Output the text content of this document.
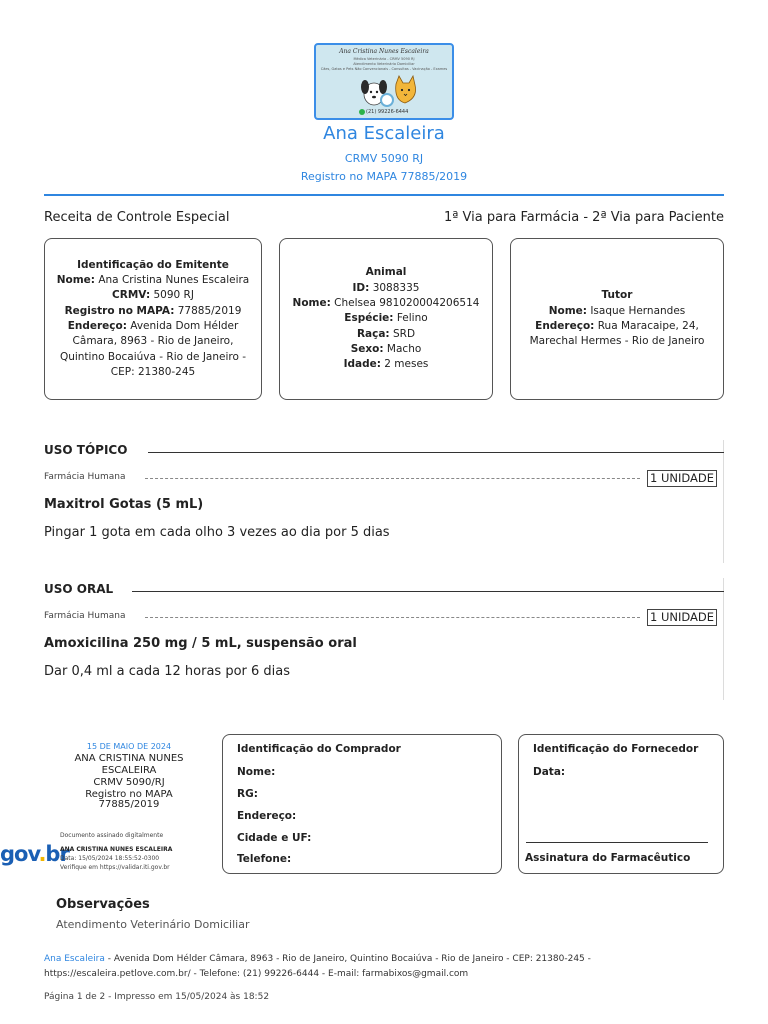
Ana Cristina Nunes Escaleira
Médica Veterinária - CRMV 5090 RJ
Atendimento Veterinário Domiciliar
Cães, Gatos e Pets Não Convencionais - Consultas - Vacinação - Exames
(21) 99226-6444
Ana Escaleira
CRMV 5090 RJ
Registro no MAPA 77885/2019
Receita de Controle Especial	1ª Via para Farmácia - 2ª Via para Paciente
Identificação do Emitente
Nome: Ana Cristina Nunes Escaleira
CRMV: 5090 RJ
Registro no MAPA: 77885/2019
Endereço: Avenida Dom Hélder Câmara, 8963 - Rio de Janeiro, Quintino Bocaiúva - Rio de Janeiro - CEP: 21380-245
Animal
ID: 3088335
Nome: Chelsea 981020004206514
Espécie: Felino
Raça: SRD
Sexo: Macho
Idade: 2 meses
Tutor
Nome: Isaque Hernandes
Endereço: Rua Maracaipe, 24, Marechal Hermes - Rio de Janeiro
USO TÓPICO
Farmácia Humana	1 UNIDADE
Maxitrol Gotas (5 mL)
Pingar 1 gota em cada olho 3 vezes ao dia por 5 dias
USO ORAL
Farmácia Humana	1 UNIDADE
Amoxicilina 250 mg / 5 mL, suspensão oral
Dar 0,4 ml a cada 12 horas por 6 dias
15 DE MAIO DE 2024
ANA CRISTINA NUNES
ESCALEIRA
CRMV 5090/RJ
Registro no MAPA
77885/2019
gov.br
Documento assinado digitalmente
ANA CRISTINA NUNES ESCALEIRA
Data: 15/05/2024 18:55:52-0300
Verifique em https://validar.iti.gov.br
Identificação do Comprador
Nome:
RG:
Endereço:
Cidade e UF:
Telefone:
Identificação do Fornecedor
Data:
Assinatura do Farmacêutico
Observações
Atendimento Veterinário Domiciliar
Ana Escaleira - Avenida Dom Hélder Câmara, 8963 - Rio de Janeiro, Quintino Bocaiúva - Rio de Janeiro - CEP: 21380-245 - https://escaleira.petlove.com.br/ - Telefone: (21) 99226-6444 - E-mail: farmabixos@gmail.com
Página 1 de 2 - Impresso em 15/05/2024 às 18:52
